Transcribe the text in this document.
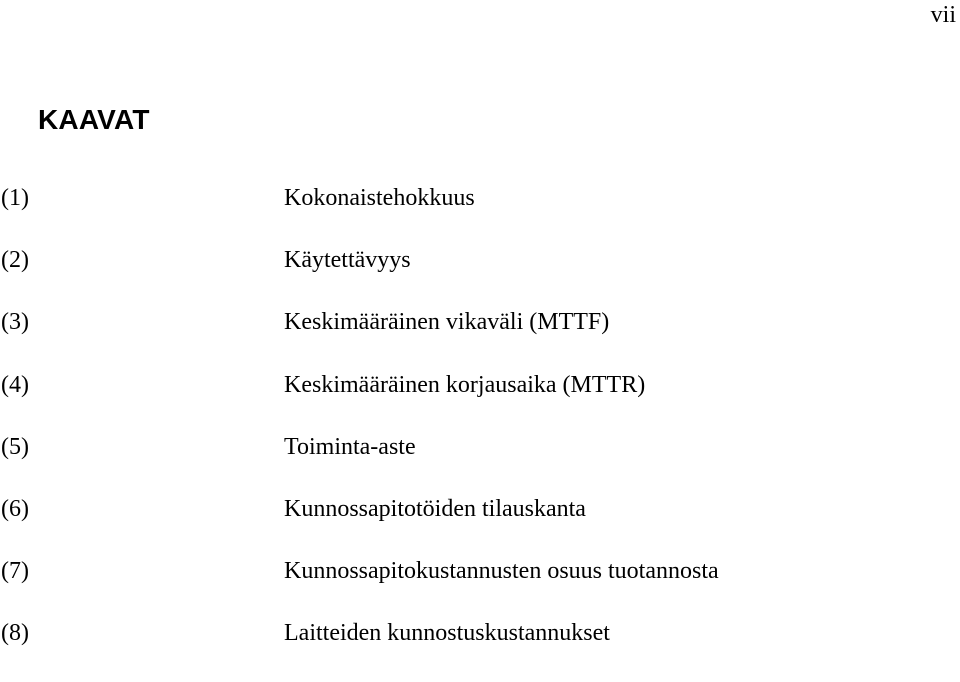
vii
KAAVAT
(1)	Kokonaistehokkuus
(2)	Käytettävyys
(3)	Keskimääräinen vikaväli (MTTF)
(4)	Keskimääräinen korjausaika (MTTR)
(5)	Toiminta-aste
(6)	Kunnossapitotöiden tilauskanta
(7)	Kunnossapitokustannusten osuus tuotannosta
(8)	Laitteiden kunnostuskustannukset
